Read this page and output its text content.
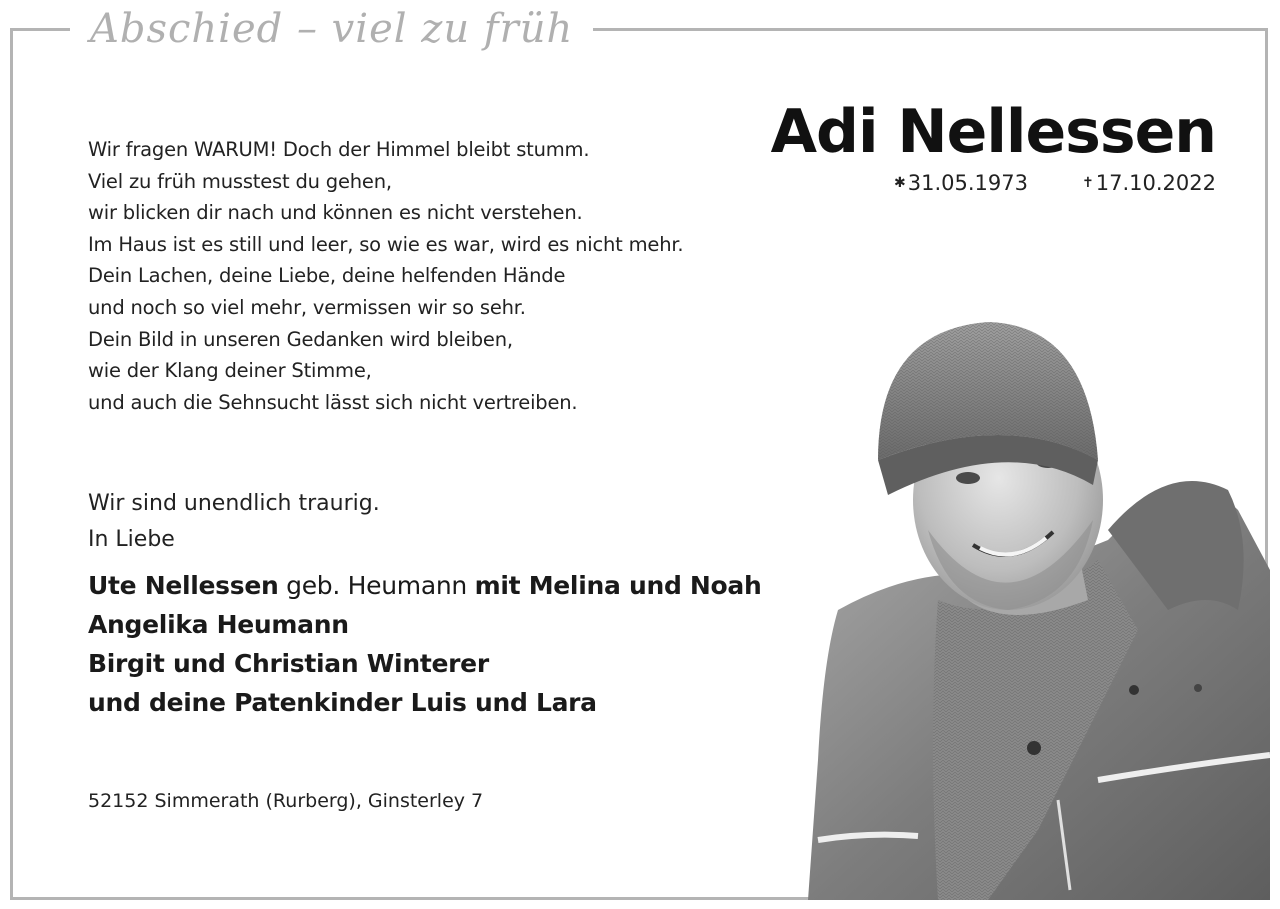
Abschied – viel zu früh
Wir fragen WARUM! Doch der Himmel bleibt stumm.
Viel zu früh musstest du gehen,
wir blicken dir nach und können es nicht verstehen.
Im Haus ist es still und leer, so wie es war, wird es nicht mehr.
Dein Lachen, deine Liebe, deine helfenden Hände
und noch so viel mehr, vermissen wir so sehr.
Dein Bild in unseren Gedanken wird bleiben,
wie der Klang deiner Stimme,
und auch die Sehnsucht lässt sich nicht vertreiben.
Adi Nellessen
✱31.05.1973	✝17.10.2022
Wir sind unendlich traurig.
In Liebe
Ute Nellessen geb. Heumann mit Melina und Noah
Angelika Heumann
Birgit und Christian Winterer
und deine Patenkinder Luis und Lara
52152 Simmerath (Rurberg), Ginsterley 7
